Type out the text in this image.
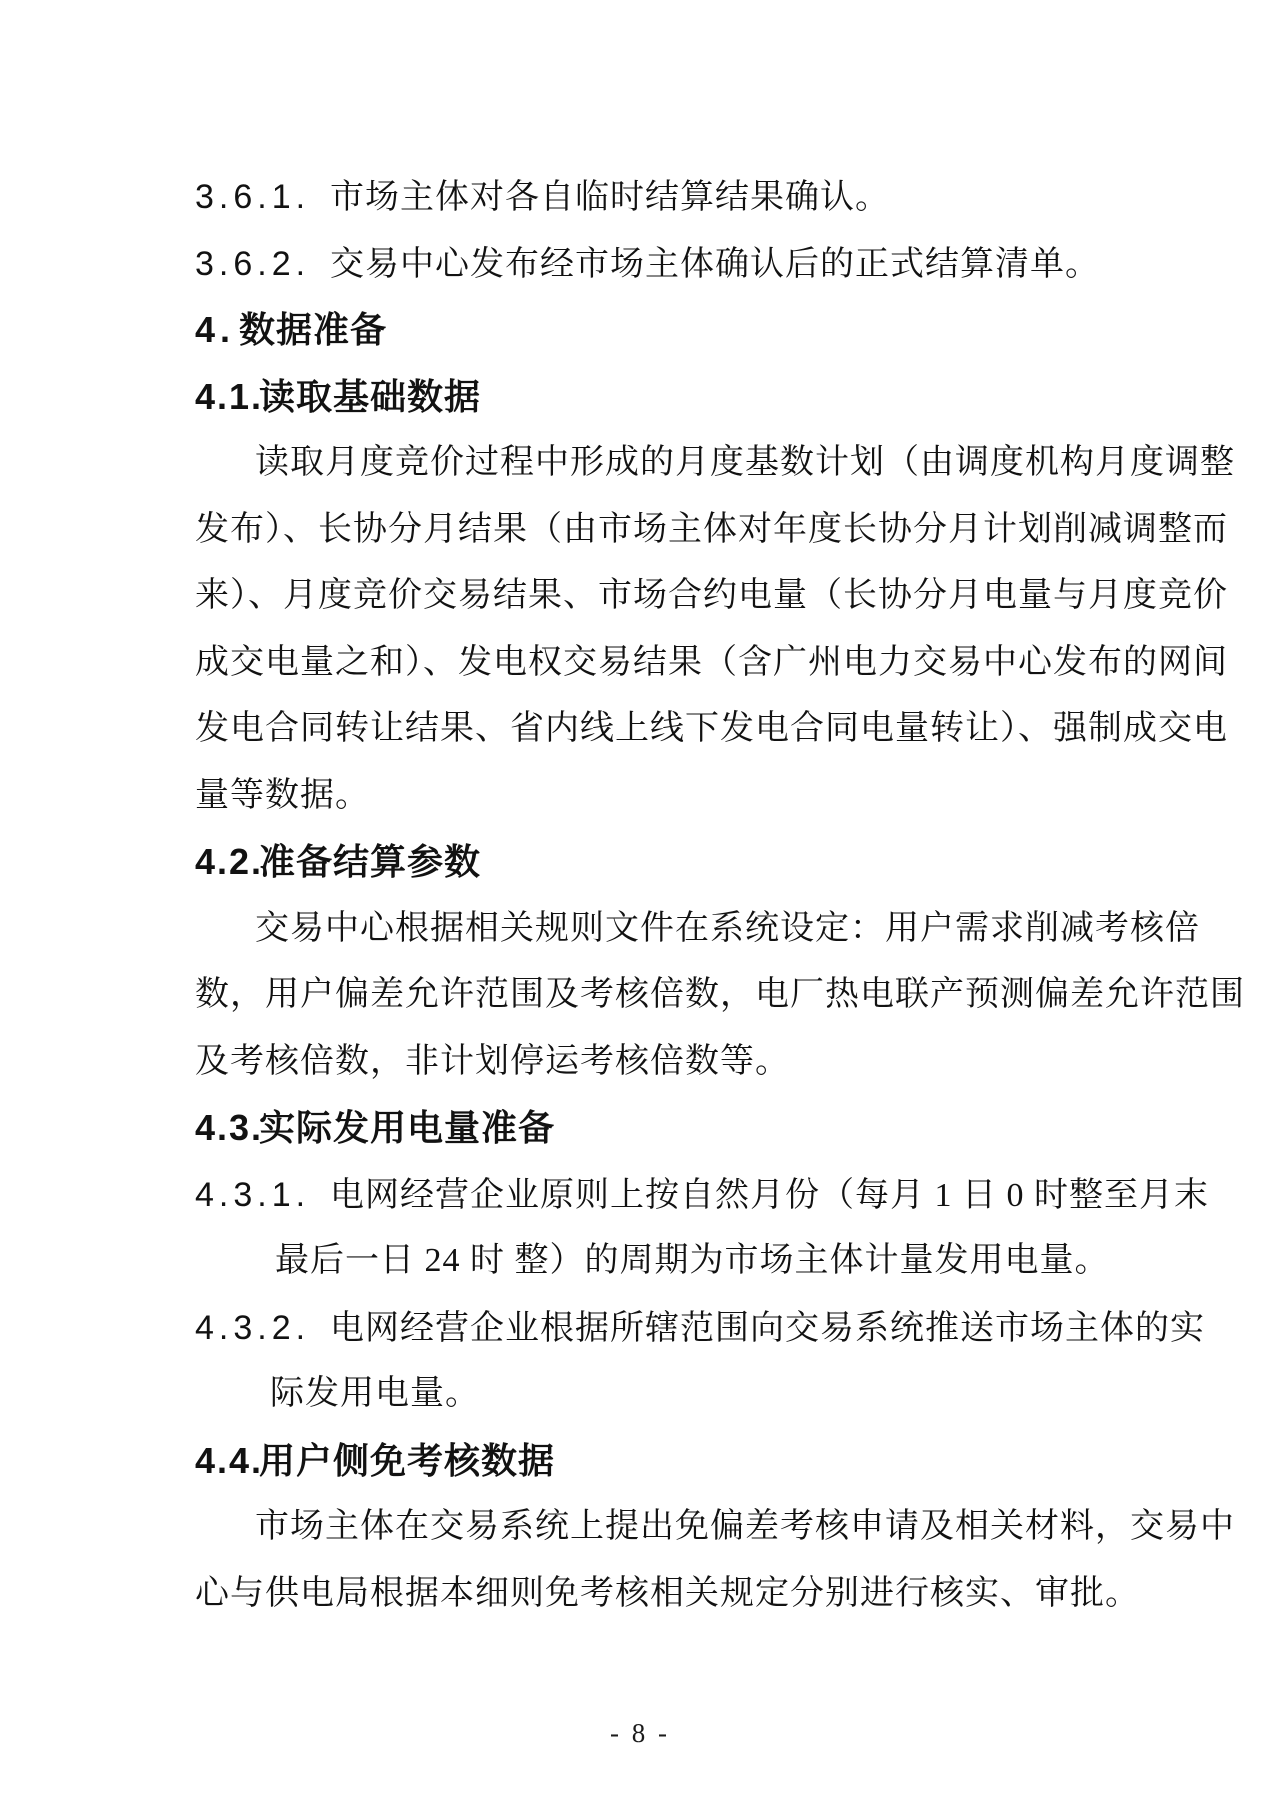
3.6.1. 市场主体对各自临时结算结果确认。
3.6.2. 交易中心发布经市场主体确认后的正式结算清单。
4. 数据准备
4.1.读取基础数据
读取月度竞价过程中形成的月度基数计划（由调度机构月度调整
发布）、长协分月结果（由市场主体对年度长协分月计划削减调整而
来）、月度竞价交易结果、市场合约电量（长协分月电量与月度竞价
成交电量之和）、发电权交易结果（含广州电力交易中心发布的网间
发电合同转让结果、省内线上线下发电合同电量转让）、强制成交电
量等数据。
4.2.准备结算参数
交易中心根据相关规则文件在系统设定：用户需求削减考核倍
数，用户偏差允许范围及考核倍数，电厂热电联产预测偏差允许范围
及考核倍数，非计划停运考核倍数等。
4.3.实际发用电量准备
4.3.1. 电网经营企业原则上按自然月份（每月 1 日 0 时整至月末
最后一日 24 时 整）的周期为市场主体计量发用电量。
4.3.2. 电网经营企业根据所辖范围向交易系统推送市场主体的实
际发用电量。
4.4.用户侧免考核数据
市场主体在交易系统上提出免偏差考核申请及相关材料，交易中
心与供电局根据本细则免考核相关规定分别进行核实、审批。
- 8 -
